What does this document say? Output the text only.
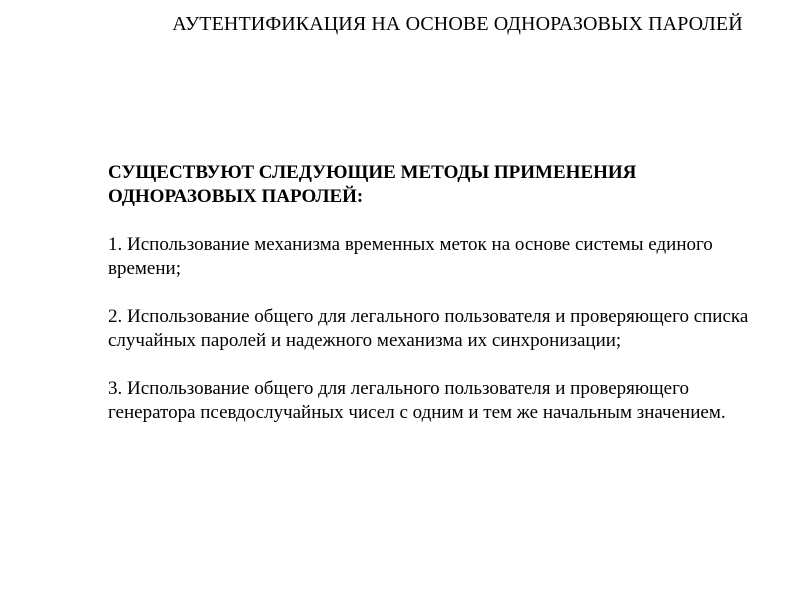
АУТЕНТИФИКАЦИЯ НА ОСНОВЕ ОДНОРАЗОВЫХ ПАРОЛЕЙ

СУЩЕСТВУЮТ СЛЕДУЮЩИЕ МЕТОДЫ ПРИМЕНЕНИЯ ОДНОРАЗОВЫХ ПАРОЛЕЙ:

1. Использование механизма временных меток на основе системы единого времени;

2. Использование общего для легального пользователя и проверяющего списка случайных паролей и надежного механизма их синхронизации;

3. Использование общего для легального пользователя и проверяющего генератора псевдослучайных чисел с одним и тем же начальным значением.
